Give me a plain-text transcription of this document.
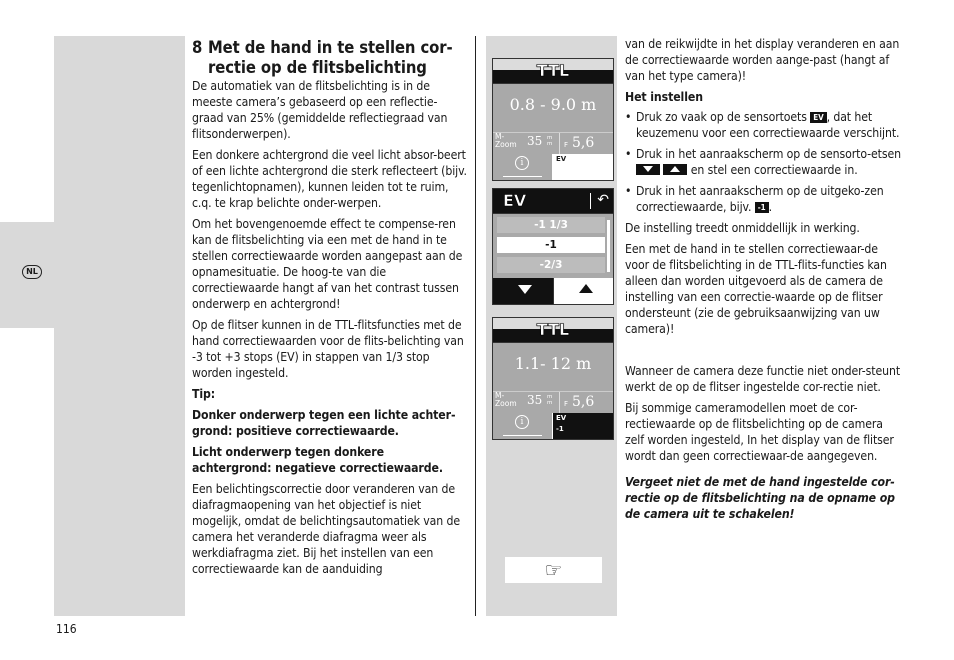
NL
8 Met de hand in te stellen cor-rectie op de flitsbelichting
De automatiek van de flitsbelichting is in de meeste camera’s gebaseerd op een reflectie-graad van 25% (gemiddelde reflectiegraad van flitsonderwerpen).
Een donkere achtergrond die veel licht absor-beert of een lichte achtergrond die sterk reflecteert (bijv. tegenlichtopnamen), kunnen leiden tot te ruim, c.q. te krap belichte onder-werpen.
Om het bovengenoemde effect te compense-ren kan de flitsbelichting via een met de hand in te stellen correctiewaarde worden aangepast aan de opnamesituatie. De hoog-te van die correctiewaarde hangt af van het contrast tussen onderwerp en achtergrond!
Op de flitser kunnen in de TTL-flitsfuncties met de hand correctiewaarden voor de flits-belichting van -3 tot +3 stops (EV) in stappen van 1/3 stop worden ingesteld.
Tip:
Donker onderwerp tegen een lichte achter-grond: positieve correctiewaarde.
Licht onderwerp tegen donkere achtergrond: negatieve correctiewaarde.
Een belichtingscorrectie door veranderen van de diafragmaopening van het objectief is niet mogelijk, omdat de belichtingsautomatiek van de camera het veranderde diafragma weer als werkdiafragma ziet. Bij het instellen van een correctiewaarde kan de aanduiding
TTL
0.8 - 9.0 m
M-
Zoom 35 m
m F 5,6
i	EV
EV	↶
-1 1/3
-1
-2/3
TTL
1.1- 12 m
M-
Zoom 35 m
m F 5,6
i	EV
-1
☞
van de reikwijdte in het display veranderen en aan de correctiewaarde worden aange-past (hangt af van het type camera)!
Het instellen
• Druk zo vaak op de sensortoets EV , dat het keuzemenu voor een correctiewaarde verschijnt.
• Druk in het aanraakscherm op de sensorto-etsen   en stel een correctiewaarde in.
• Druk in het aanraakscherm op de uitgeko-zen correctiewaarde, bijv. -1 .
De instelling treedt onmiddellijk in werking.
Een met de hand in te stellen correctiewaar-de voor de flitsbelichting in de TTL-flits-functies kan alleen dan worden uitgevoerd als de camera de instelling van een correctie-waarde op de flitser ondersteunt (zie de gebruiksaanwijzing van uw camera)!
Wanneer de camera deze functie niet onder-steunt werkt de op de flitser ingestelde cor-rectie niet.
Bij sommige cameramodellen moet de cor-rectiewaarde op de flitsbelichting op de camera zelf worden ingesteld, In het display van de flitser wordt dan geen correctiewaar-de aangegeven.
Vergeet niet de met de hand ingestelde cor-rectie op de flitsbelichting na de opname op de camera uit te schakelen!
116
